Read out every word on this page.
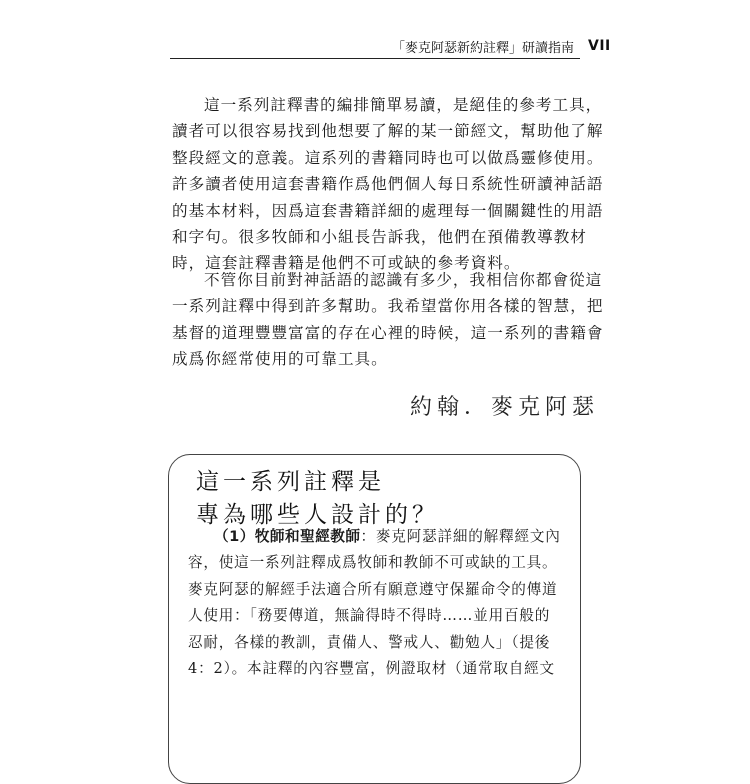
「麥克阿瑟新約註釋」研讀指南 VII

這一系列註釋書的編排簡單易讀，是絕佳的參考工具，
讀者可以很容易找到他想要了解的某一節經文，幫助他了解
整段經文的意義。這系列的書籍同時也可以做爲靈修使用。
許多讀者使用這套書籍作爲他們個人每日系統性研讀神話語
的基本材料，因爲這套書籍詳細的處理每一個關鍵性的用語
和字句。很多牧師和小組長告訴我，他們在預備教導教材
時，這套註釋書籍是他們不可或缺的參考資料。

不管你目前對神話語的認識有多少，我相信你都會從這
一系列註釋中得到許多幫助。我希望當你用各樣的智慧，把
基督的道理豐豐富富的存在心裡的時候，這一系列的書籍會
成爲你經常使用的可靠工具。

約翰．麥克阿瑟
這一系列註釋是
專為哪些人設計的？
（1）牧師和聖經教師：麥克阿瑟詳細的解釋經文內
容，使這一系列註釋成爲牧師和教師不可或缺的工具。
麥克阿瑟的解經手法適合所有願意遵守保羅命令的傳道
人使用：「務要傳道，無論得時不得時……並用百般的
忍耐，各樣的教訓，責備人、警戒人、勸勉人」（提後
4：2）。本註釋的內容豐富，例證取材（通常取自經文
